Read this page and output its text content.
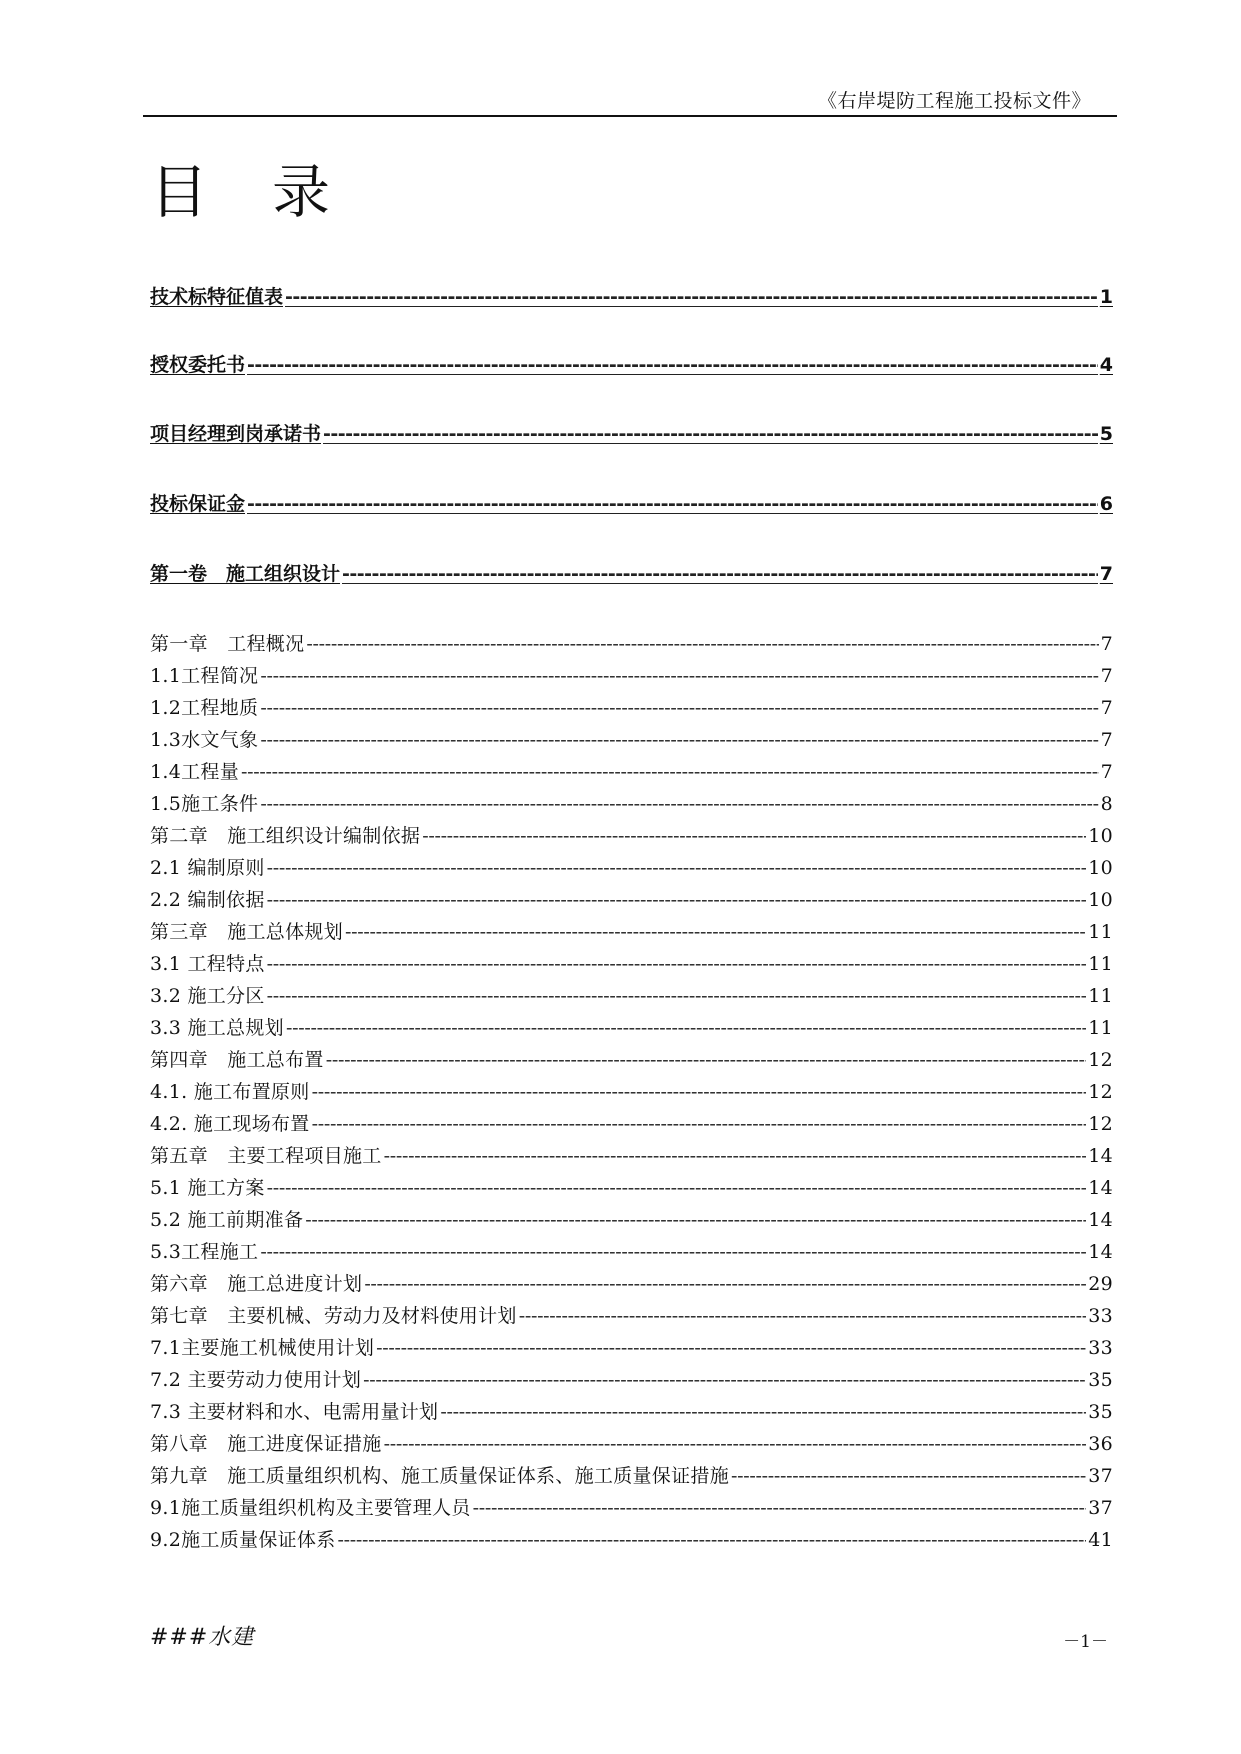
《右岸堤防工程施工投标文件》
目 录
技术标特征值表 -----	1
授权委托书 -----	4
项目经理到岗承诺书 -----	5
投标保证金 -----	6
第一卷　施工组织设计 -----	7
第一章　工程概况 -----	7
1.1工程简况 -----	7
1.2工程地质 -----	7
1.3水文气象 -----	7
1.4工程量 -----	7
1.5施工条件 -----	8
第二章　施工组织设计编制依据 -----	10
2.1 编制原则 -----	10
2.2 编制依据 -----	10
第三章　施工总体规划 -----	11
3.1 工程特点 -----	11
3.2 施工分区 -----	11
3.3 施工总规划 -----	11
第四章　施工总布置 -----	12
4.1. 施工布置原则 -----	12
4.2. 施工现场布置 -----	12
第五章　主要工程项目施工 -----	14
5.1 施工方案 -----	14
5.2 施工前期准备 -----	14
5.3工程施工 -----	14
第六章　施工总进度计划 -----	29
第七章　主要机械、劳动力及材料使用计划 -----	33
7.1主要施工机械使用计划 -----	33
7.2 主要劳动力使用计划 -----	35
7.3 主要材料和水、电需用量计划 -----	35
第八章　施工进度保证措施 -----	36
第九章　施工质量组织机构、施工质量保证体系、施工质量保证措施 -----	37
9.1施工质量组织机构及主要管理人员 -----	37
9.2施工质量保证体系 -----	41
###水建	－1－
